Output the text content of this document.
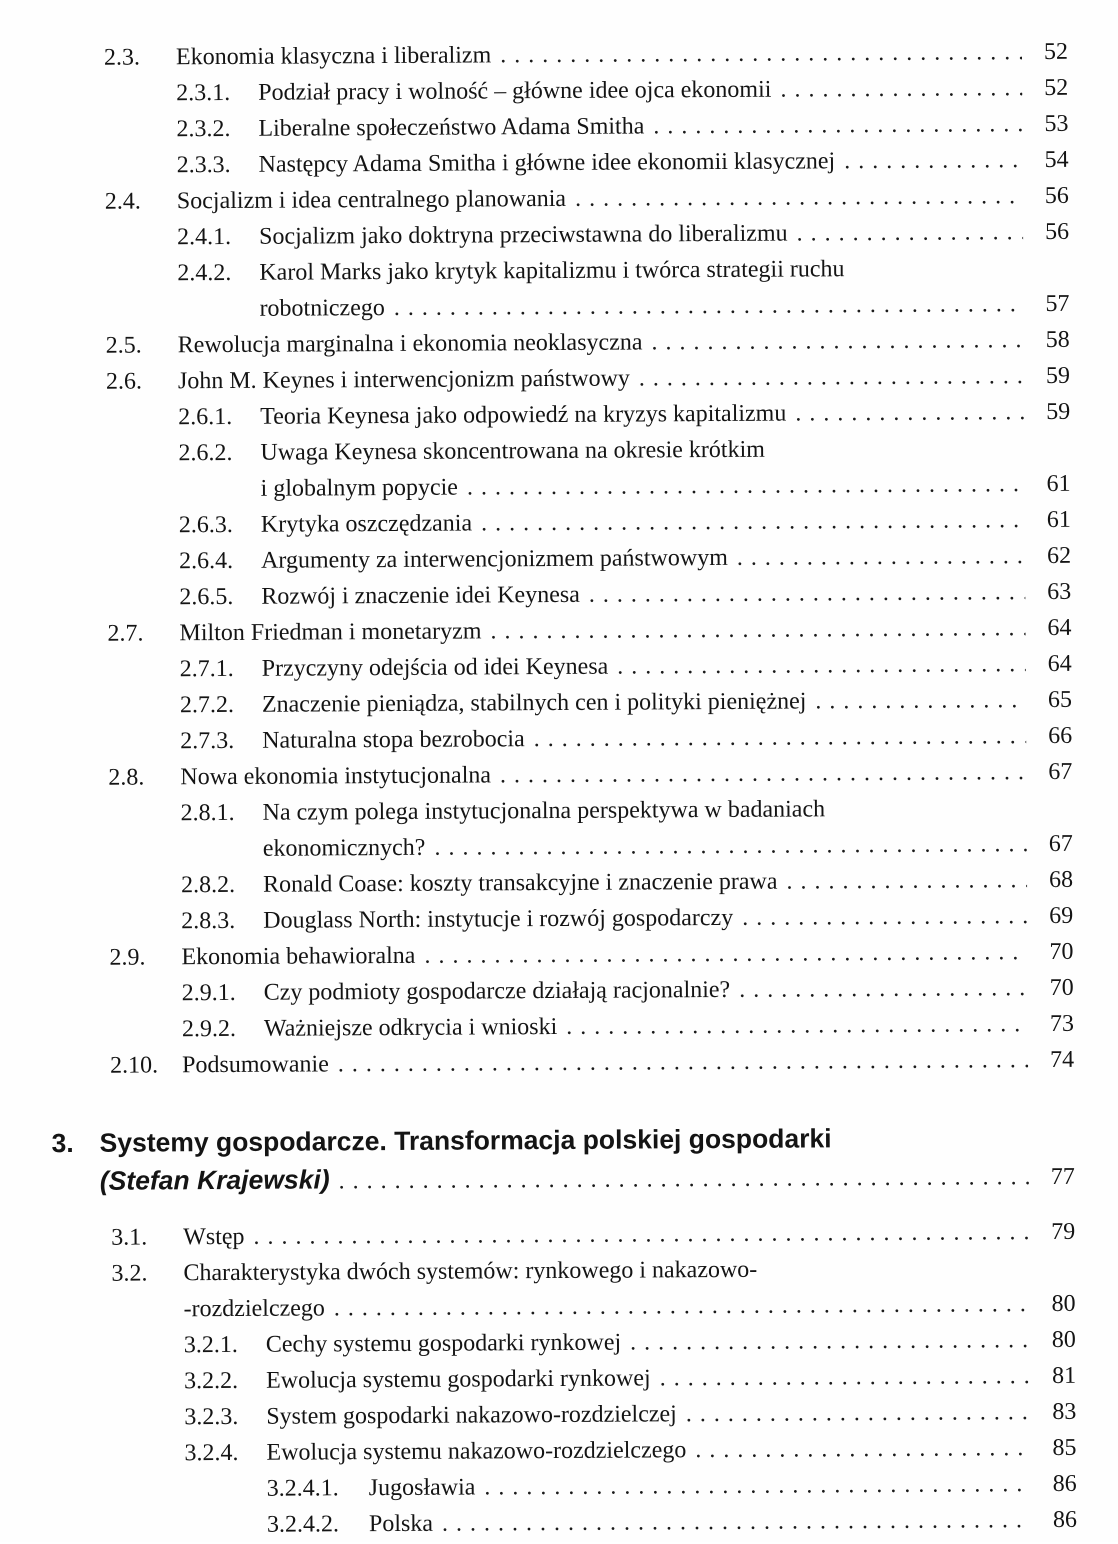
2.3.	Ekonomia klasyczna i liberalizm .....	52
2.3.1.	Podział pracy i wolność – główne idee ojca ekonomii .....	52
2.3.2.	Liberalne społeczeństwo Adama Smitha .....	53
2.3.3.	Następcy Adama Smitha i główne idee ekonomii klasycznej .....	54
2.4.	Socjalizm i idea centralnego planowania .....	56
2.4.1.	Socjalizm jako doktryna przeciwstawna do liberalizmu .....	56
2.4.2.	Karol Marks jako krytyk kapitalizmu i twórca strategii ruchu
robotniczego .....	57
2.5.	Rewolucja marginalna i ekonomia neoklasyczna .....	58
2.6.	John M. Keynes i interwencjonizm państwowy .....	59
2.6.1.	Teoria Keynesa jako odpowiedź na kryzys kapitalizmu .....	59
2.6.2.	Uwaga Keynesa skoncentrowana na okresie krótkim
i globalnym popycie .....	61
2.6.3.	Krytyka oszczędzania .....	61
2.6.4.	Argumenty za interwencjonizmem państwowym .....	62
2.6.5.	Rozwój i znaczenie idei Keynesa .....	63
2.7.	Milton Friedman i monetaryzm .....	64
2.7.1.	Przyczyny odejścia od idei Keynesa .....	64
2.7.2.	Znaczenie pieniądza, stabilnych cen i polityki pieniężnej .....	65
2.7.3.	Naturalna stopa bezrobocia .....	66
2.8.	Nowa ekonomia instytucjonalna .....	67
2.8.1.	Na czym polega instytucjonalna perspektywa w badaniach
ekonomicznych? .....	67
2.8.2.	Ronald Coase: koszty transakcyjne i znaczenie prawa .....	68
2.8.3.	Douglass North: instytucje i rozwój gospodarczy .....	69
2.9.	Ekonomia behawioralna .....	70
2.9.1.	Czy podmioty gospodarcze działają racjonalnie? .....	70
2.9.2.	Ważniejsze odkrycia i wnioski .....	73
2.10. Podsumowanie .....	74
3. Systemy gospodarcze. Transformacja polskiej gospodarki
(Stefan Krajewski) .....	77
3.1.	Wstęp .....	79
3.2.	Charakterystyka dwóch systemów: rynkowego i nakazowo-
-rozdzielczego .....	80
3.2.1.	Cechy systemu gospodarki rynkowej .....	80
3.2.2.	Ewolucja systemu gospodarki rynkowej .....	81
3.2.3.	System gospodarki nakazowo-rozdzielczej .....	83
3.2.4.	Ewolucja systemu nakazowo-rozdzielczego .....	85
3.2.4.1.	Jugosławia .....	86
3.2.4.2.	Polska .....	86
